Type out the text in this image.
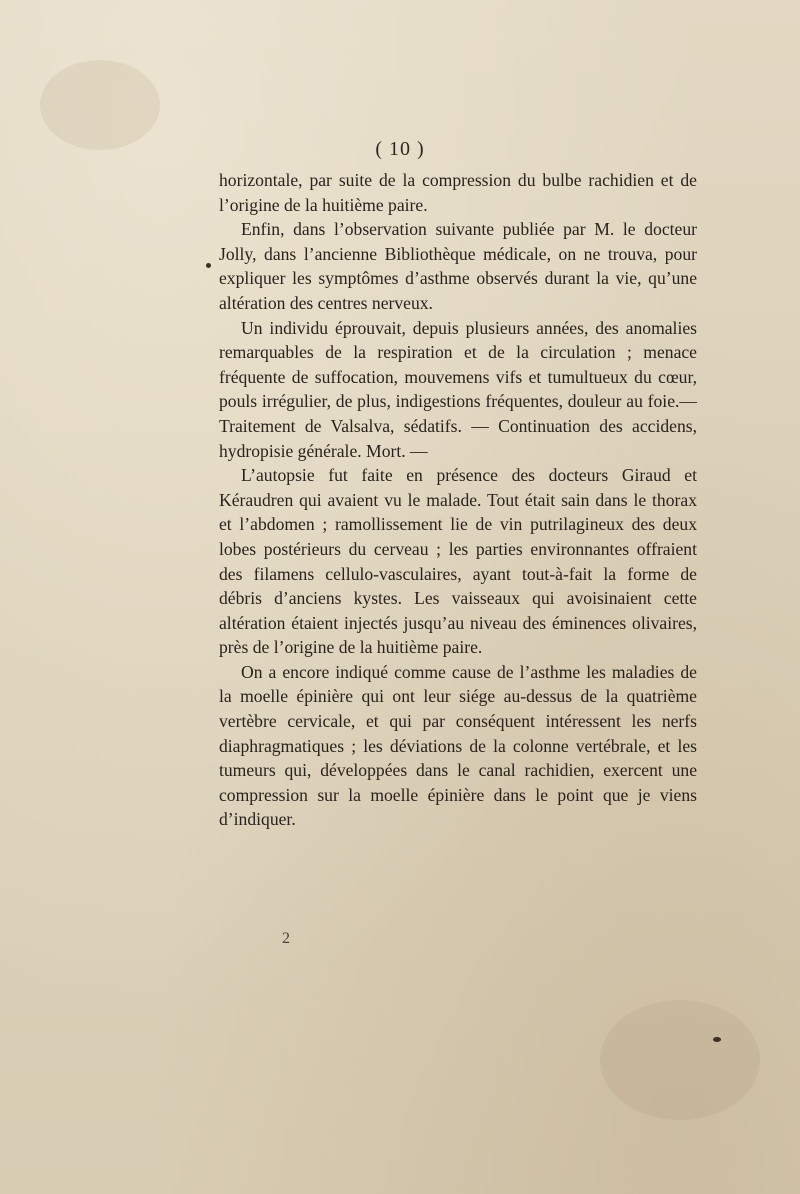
( 10 )

horizontale, par suite de la compression du bulbe rachidien et de l’origine de la huitième paire.

Enfin, dans l’observation suivante publiée par M. le docteur Jolly, dans l’ancienne Bibliothèque médicale, on ne trouva, pour expliquer les symptômes d’asthme observés durant la vie, qu’une altération des centres nerveux.

Un individu éprouvait, depuis plusieurs années, des anomalies remarquables de la respiration et de la circulation ; menace fréquente de suffocation, mouvemens vifs et tumultueux du cœur, pouls irrégulier, de plus, indigestions fréquentes, douleur au foie.—Traitement de Valsalva, sédatifs. — Continuation des accidens, hydropisie générale. Mort. —

L’autopsie fut faite en présence des docteurs Giraud et Kéraudren qui avaient vu le malade. Tout était sain dans le thorax et l’abdomen ; ramollissement lie de vin putrilagineux des deux lobes postérieurs du cerveau ; les parties environnantes offraient des filamens cellulo-vasculaires, ayant tout-à-fait la forme de débris d’anciens kystes. Les vaisseaux qui avoisinaient cette altération étaient injectés jusqu’au niveau des éminences olivaires, près de l’origine de la huitième paire.

On a encore indiqué comme cause de l’asthme les maladies de la moelle épinière qui ont leur siége au-dessus de la quatrième vertèbre cervicale, et qui par conséquent intéressent les nerfs diaphragmatiques ; les déviations de la colonne vertébrale, et les tumeurs qui, développées dans le canal rachidien, exercent une compression sur la moelle épinière dans le point que je viens d’indiquer.

2
